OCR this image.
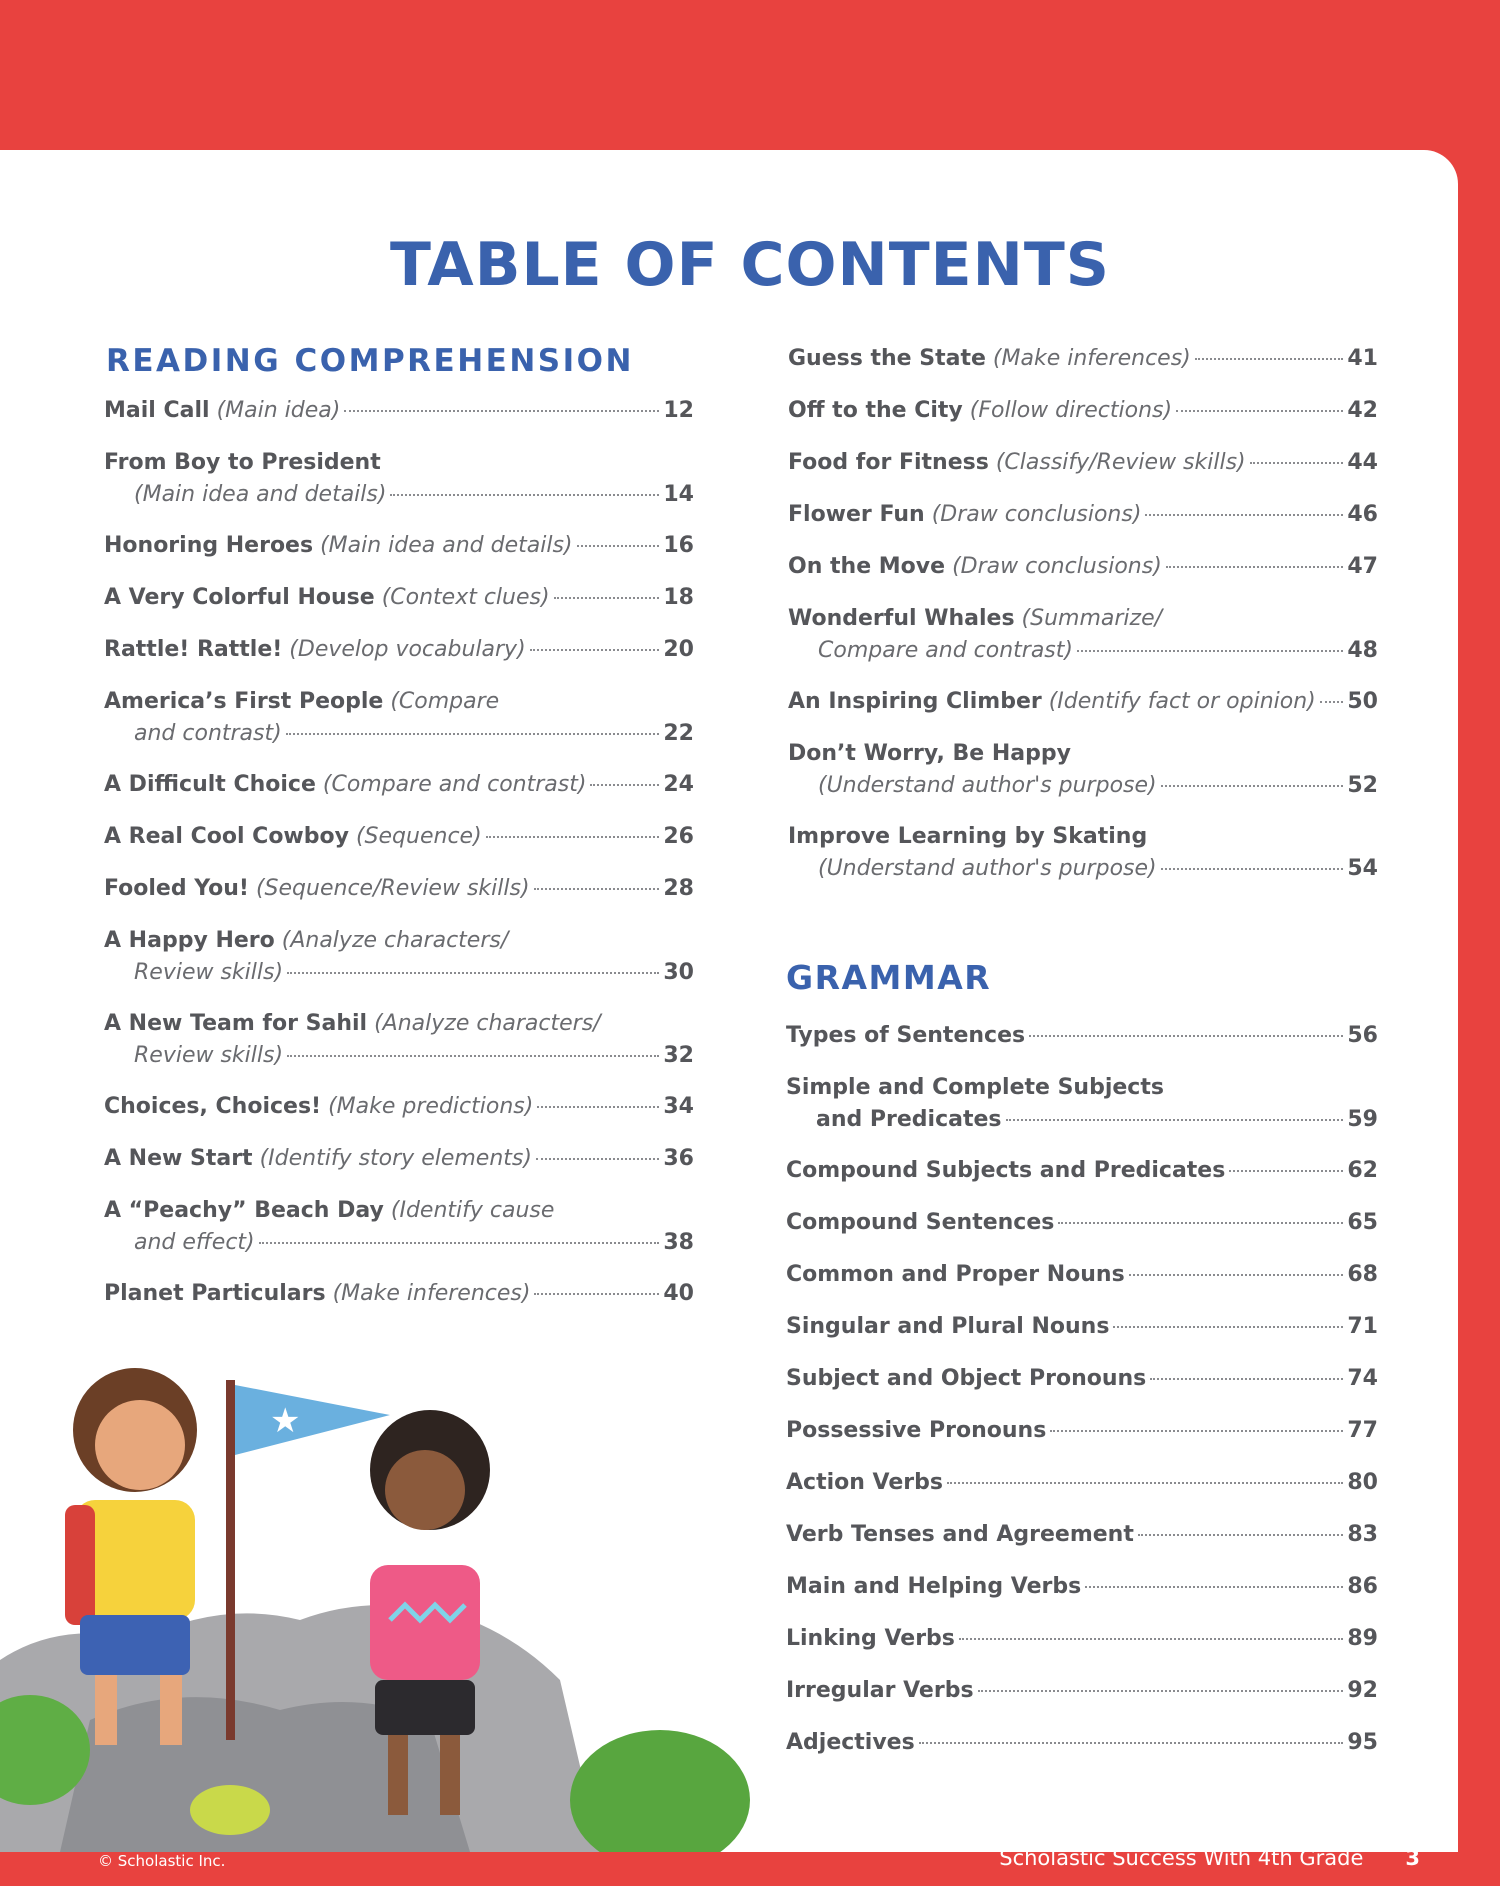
TABLE OF CONTENTS
READING COMPREHENSION
Mail Call (Main idea)	12
From Boy to President
(Main idea and details)	14
Honoring Heroes (Main idea and details)	16
A Very Colorful House (Context clues)	18
Rattle! Rattle! (Develop vocabulary)	20
America’s First People (Compare
and contrast)	22
A Difficult Choice (Compare and contrast)	24
A Real Cool Cowboy (Sequence)	26
Fooled You! (Sequence/Review skills)	28
A Happy Hero (Analyze characters/
Review skills)	30
A New Team for Sahil (Analyze characters/
Review skills)	32
Choices, Choices! (Make predictions)	34
A New Start (Identify story elements)	36
A “Peachy” Beach Day (Identify cause
and effect)	38
Planet Particulars (Make inferences)	40
Guess the State (Make inferences)	41
Off to the City (Follow directions)	42
Food for Fitness (Classify/Review skills)	44
Flower Fun (Draw conclusions)	46
On the Move (Draw conclusions)	47
Wonderful Whales (Summarize/
Compare and contrast)	48
An Inspiring Climber (Identify fact or opinion) 50
Don’t Worry, Be Happy
(Understand author's purpose)	52
Improve Learning by Skating
(Understand author's purpose)	54
GRAMMAR
Types of Sentences	56
Simple and Complete Subjects
and Predicates	59
Compound Subjects and Predicates	62
Compound Sentences	65
Common and Proper Nouns	68
Singular and Plural Nouns	71
Subject and Object Pronouns	74
Possessive Pronouns	77
Action Verbs	80
Verb Tenses and Agreement	83
Main and Helping Verbs	86
Linking Verbs	89
Irregular Verbs	92
Adjectives	95
★
© Scholastic Inc.	Scholastic Success With 4th Grade 3
